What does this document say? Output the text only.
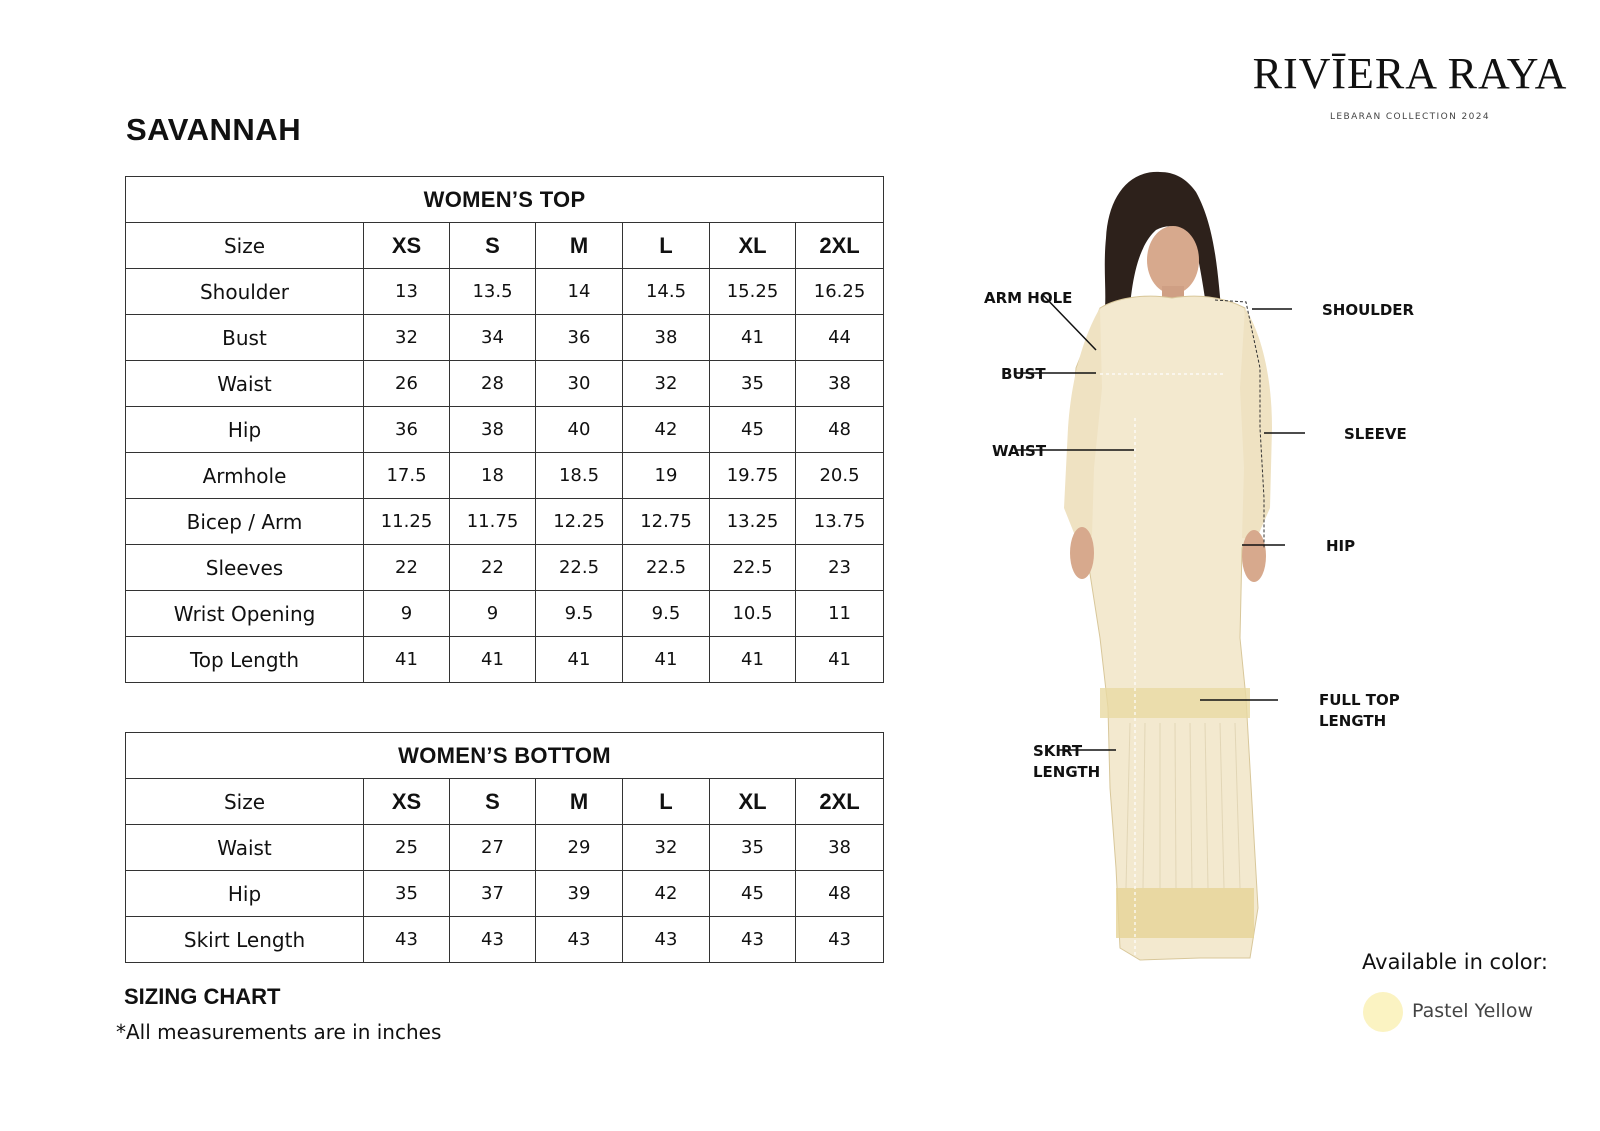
RIVĪERA RAYA
LEBARAN COLLECTION 2024
SAVANNAH
WOMEN’S TOP						
Size	XS	S	M	L	XL	2XL
Shoulder	13	13.5	14	14.5	15.25	16.25
Bust	32	34	36	38	41	44
Waist	26	28	30	32	35	38
Hip	36	38	40	42	45	48
Armhole	17.5	18	18.5	19	19.75	20.5
Bicep / Arm	11.25	11.75	12.25	12.75	13.25	13.75
Sleeves	22	22	22.5	22.5	22.5	23
Wrist Opening	9	9	9.5	9.5	10.5	11
Top Length	41	41	41	41	41	41
WOMEN’S BOTTOM						
Size	XS	S	M	L	XL	2XL
Waist	25	27	29	32	35	38
Hip	35	37	39	42	45	48
Skirt Length	43	43	43	43	43	43
SIZING CHART
*All measurements are in inches
ARM HOLE
BUST
WAIST
SHOULDER
SLEEVE
HIP
FULL TOP
LENGTH
SKIRT
LENGTH
Available in color:
Pastel Yellow
